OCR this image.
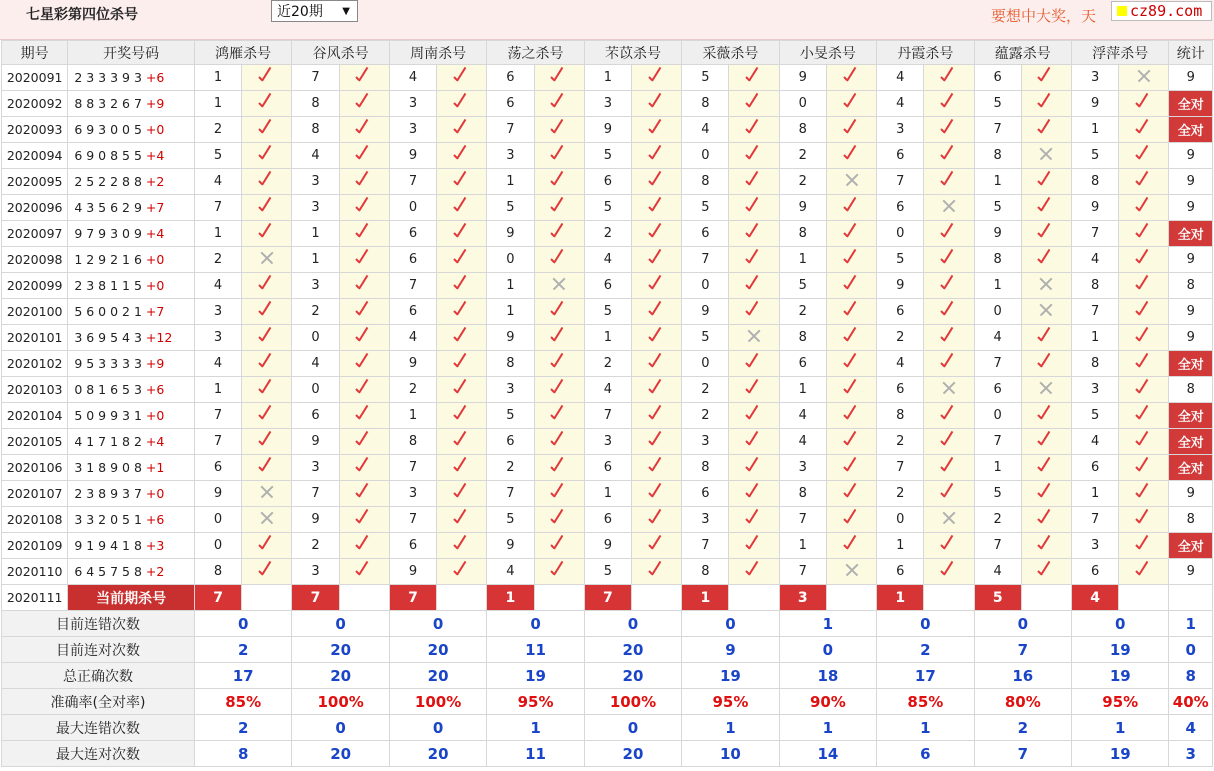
七星彩第四位杀号	近20期 ▼	要想中大奖，天	cz89.com
期号	开奖号码	鸿雁杀号		谷风杀号		周南杀号		荡之杀号		芣苡杀号		采薇杀号		小旻杀号		丹霞杀号		蕴露杀号		浮萍杀号		统计
2020091	2 3 3 3 9 3 +6	1		7		4		6		1		5		9		4		6		3		9
2020092	8 8 3 2 6 7 +9	1		8		3		6		3		8		0		4		5		9		全对
2020093	6 9 3 0 0 5 +0	2		8		3		7		9		4		8		3		7		1		全对
2020094	6 9 0 8 5 5 +4	5		4		9		3		5		0		2		6		8		5		9
2020095	2 5 2 2 8 8 +2	4		3		7		1		6		8		2		7		1		8		9
2020096	4 3 5 6 2 9 +7	7		3		0		5		5		5		9		6		5		9		9
2020097	9 7 9 3 0 9 +4	1		1		6		9		2		6		8		0		9		7		全对
2020098	1 2 9 2 1 6 +0	2		1		6		0		4		7		1		5		8		4		9
2020099	2 3 8 1 1 5 +0	4		3		7		1		6		0		5		9		1		8		8
2020100	5 6 0 0 2 1 +7	3		2		6		1		5		9		2		6		0		7		9
2020101	3 6 9 5 4 3 +12	3		0		4		9		1		5		8		2		4		1		9
2020102	9 5 3 3 3 3 +9	4		4		9		8		2		0		6		4		7		8		全对
2020103	0 8 1 6 5 3 +6	1		0		2		3		4		2		1		6		6		3		8
2020104	5 0 9 9 3 1 +0	7		6		1		5		7		2		4		8		0		5		全对
2020105	4 1 7 1 8 2 +4	7		9		8		6		3		3		4		2		7		4		全对
2020106	3 1 8 9 0 8 +1	6		3		7		2		6		8		3		7		1		6		全对
2020107	2 3 8 9 3 7 +0	9		7		3		7		1		6		8		2		5		1		9
2020108	3 3 2 0 5 1 +6	0		9		7		5		6		3		7		0		2		7		8
2020109	9 1 9 4 1 8 +3	0		2		6		9		9		7		1		1		7		3		全对
2020110	6 4 5 7 5 8 +2	8		3		9		4		5		8		7		6		4		6		9
2020111	当前期杀号	7		7		7		1		7		1		3		1		5		4		
目前连错次数		0		0		0		0		0		0		1		0		0		0		1
目前连对次数		2		20		20		11		20		9		0		2		7		19		0
总正确次数		17		20		20		19		20		19		18		17		16		19		8
准确率(全对率)		85%		100%		100%		95%		100%		95%		90%		85%		80%		95%		40%
最大连错次数		2		0		0		1		0		1		1		1		2		1		4
最大连对次数		8		20		20		11		20		10		14		6		7		19		3
